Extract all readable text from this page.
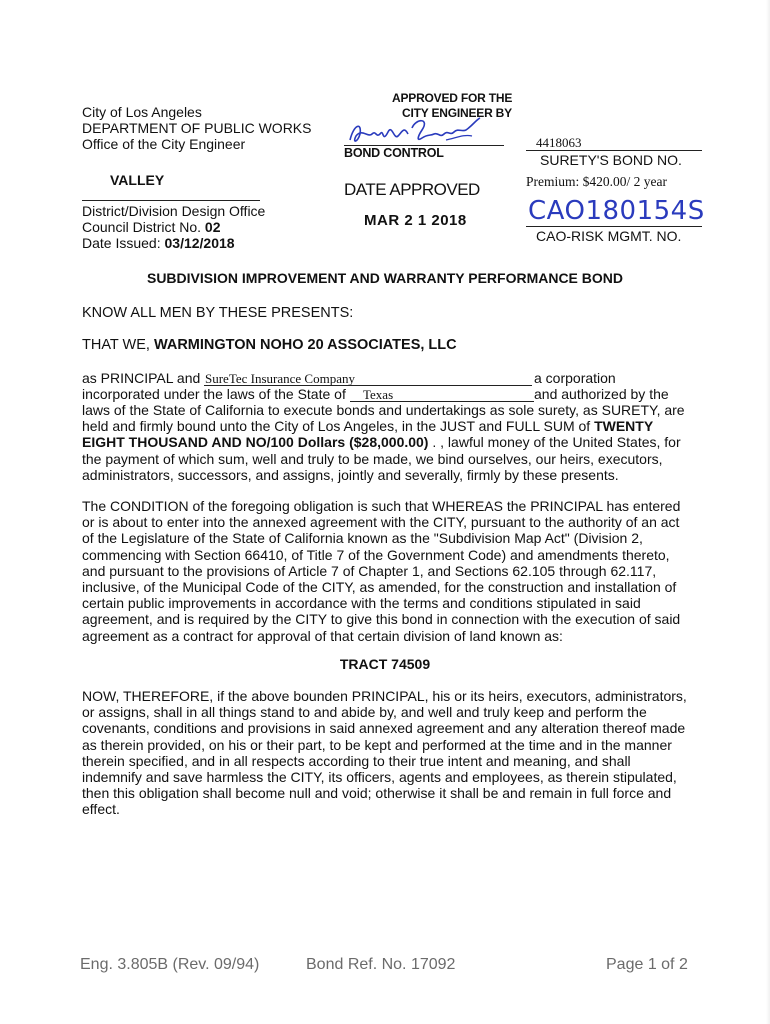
City of Los Angeles
DEPARTMENT OF PUBLIC WORKS
Office of the City Engineer
VALLEY
District/Division Design Office
Council District No. 02
Date Issued: 03/12/2018
APPROVED FOR THE
CITY ENGINEER BY
BOND CONTROL
DATE APPROVED
MAR 2 1 2018
4418063
SURETY'S BOND NO.
Premium: $420.00/ 2 year
CAO180154S
CAO-RISK MGMT. NO.
SUBDIVISION IMPROVEMENT AND WARRANTY PERFORMANCE BOND
KNOW ALL MEN BY THESE PRESENTS:
THAT WE, WARMINGTON NOHO 20 ASSOCIATES, LLC
as PRINCIPAL and SureTec Insurance Company	a corporation
incorporated under the laws of the State of Texas	and authorized by the
laws of the State of California to execute bonds and undertakings as sole surety, as SURETY, are
held and firmly bound unto the City of Los Angeles, in the JUST and FULL SUM of TWENTY
EIGHT THOUSAND AND NO/100 Dollars ($28,000.00) . , lawful money of the United States, for
the payment of which sum, well and truly to be made, we bind ourselves, our heirs, executors,
administrators, successors, and assigns, jointly and severally, firmly by these presents.
The CONDITION of the foregoing obligation is such that WHEREAS the PRINCIPAL has entered
or is about to enter into the annexed agreement with the CITY, pursuant to the authority of an act
of the Legislature of the State of California known as the "Subdivision Map Act" (Division 2,
commencing with Section 66410, of Title 7 of the Government Code) and amendments thereto,
and pursuant to the provisions of Article 7 of Chapter 1, and Sections 62.105 through 62.117,
inclusive, of the Municipal Code of the CITY, as amended, for the construction and installation of
certain public improvements in accordance with the terms and conditions stipulated in said
agreement, and is required by the CITY to give this bond in connection with the execution of said
agreement as a contract for approval of that certain division of land known as:
TRACT 74509
NOW, THEREFORE, if the above bounden PRINCIPAL, his or its heirs, executors, administrators,
or assigns, shall in all things stand to and abide by, and well and truly keep and perform the
covenants, conditions and provisions in said annexed agreement and any alteration thereof made
as therein provided, on his or their part, to be kept and performed at the time and in the manner
therein specified, and in all respects according to their true intent and meaning, and shall
indemnify and save harmless the CITY, its officers, agents and employees, as therein stipulated,
then this obligation shall become null and void; otherwise it shall be and remain in full force and
effect.
Eng. 3.805B (Rev. 09/94)	Bond Ref. No. 17092	Page 1 of 2
